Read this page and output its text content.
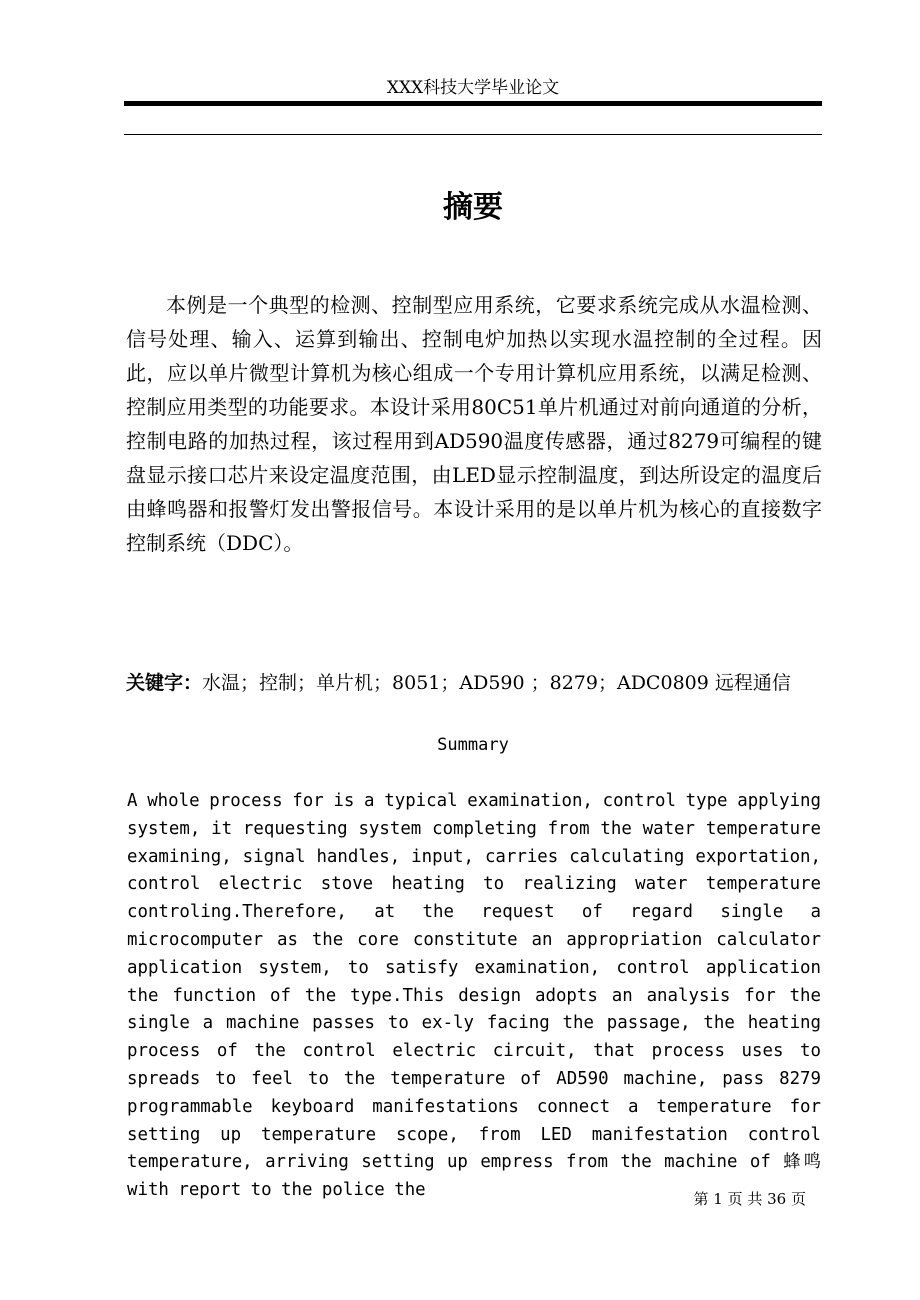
XXX科技大学毕业论文
摘要

本例是一个典型的检测、控制型应用系统，它要求系统完成从水温检测、信号处理、输入、运算到输出、控制电炉加热以实现水温控制的全过程。因此，应以单片微型计算机为核心组成一个专用计算机应用系统，以满足检测、控制应用类型的功能要求。本设计采用80C51单片机通过对前向通道的分析，控制电路的加热过程，该过程用到AD590温度传感器，通过8279可编程的键盘显示接口芯片来设定温度范围，由LED显示控制温度，到达所设定的温度后由蜂鸣器和报警灯发出警报信号。本设计采用的是以单片机为核心的直接数字控制系统（DDC）。

关键字：水温；控制；单片机；8051；AD590 ；8279；ADC0809 远程通信
Summary

A whole process for is a typical examination, control type applying system, it requesting system completing from the water temperature examining, signal handles, input, carries calculating exportation, control electric stove heating to realizing water temperature controling.Therefore, at the request of regard single a microcomputer as the core constitute an appropriation calculator application system, to satisfy examination, control application the function of the type.This design adopts an analysis for the single a machine passes to ex-ly facing the passage, the heating process of the control electric circuit, that process uses to spreads to feel to the temperature of AD590 machine, pass 8279 programmable keyboard manifestations connect a temperature for setting up temperature scope, from LED manifestation control temperature, arriving setting up empress from the machine of 蜂鸣 with report to the police the	第 1 页 共 36 页
